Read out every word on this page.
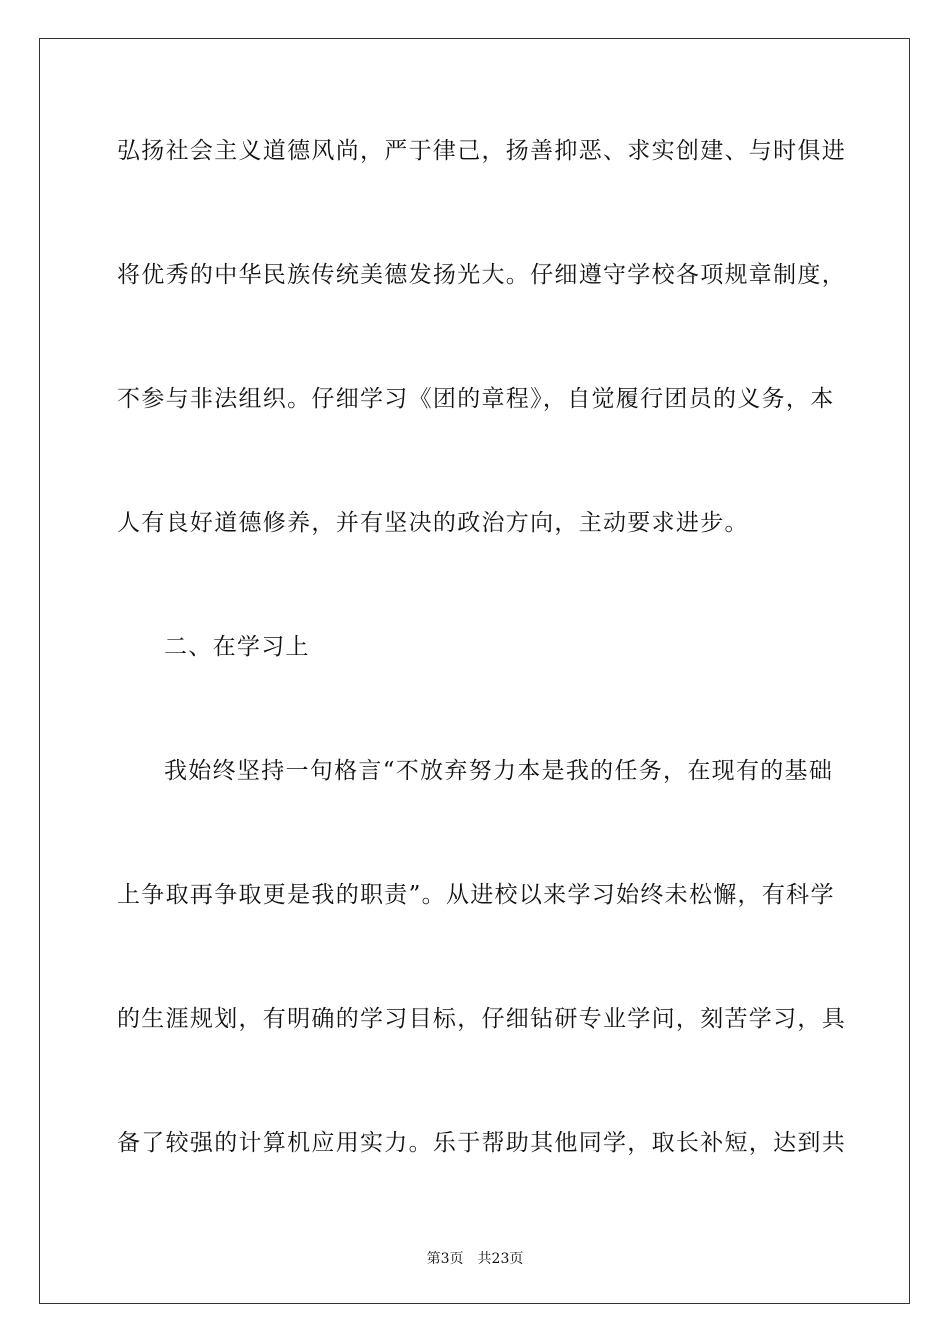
弘扬社会主义道德风尚，严于律己，扬善抑恶、求实创建、与时俱进
将优秀的中华民族传统美德发扬光大。仔细遵守学校各项规章制度，
不参与非法组织。仔细学习《团的章程》，自觉履行团员的义务，本
人有良好道德修养，并有坚决的政治方向，主动要求进步。
二、在学习上
我始终坚持一句格言“不放弃努力本是我的任务，在现有的基础
上争取再争取更是我的职责”。从进校以来学习始终未松懈，有科学
的生涯规划，有明确的学习目标，仔细钻研专业学问，刻苦学习，具
备了较强的计算机应用实力。乐于帮助其他同学，取长补短，达到共
第3页 共23页
